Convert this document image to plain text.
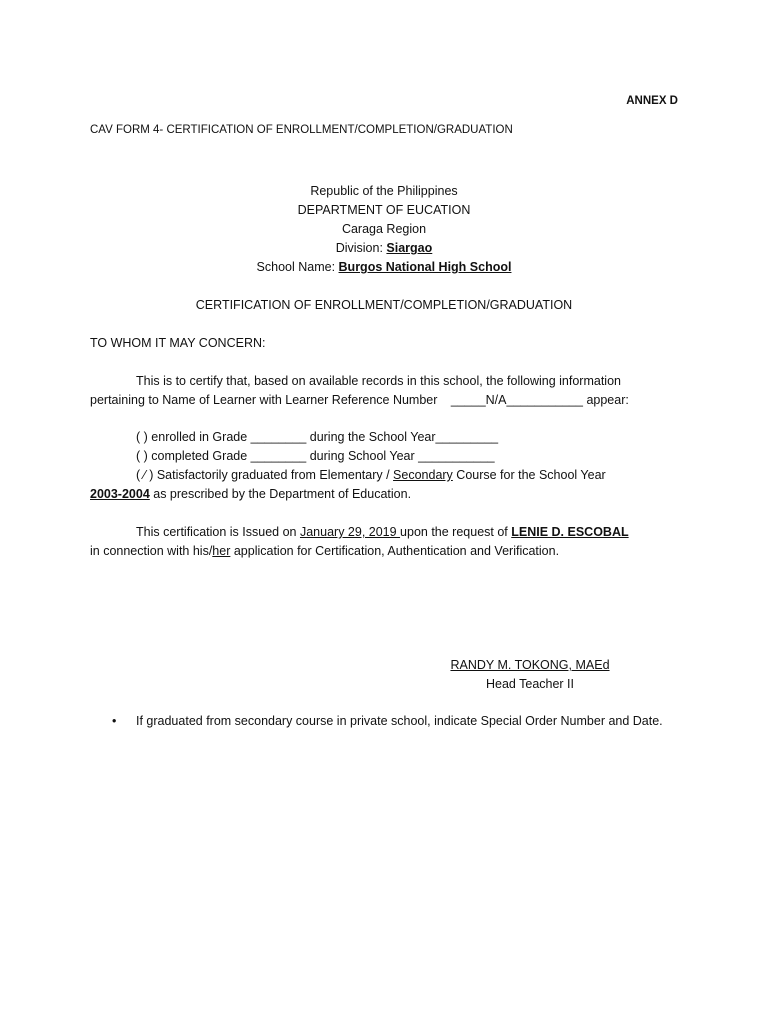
ANNEX D
CAV FORM 4- CERTIFICATION OF ENROLLMENT/COMPLETION/GRADUATION
Republic of the Philippines
DEPARTMENT OF EUCATION
Caraga Region
Division: Siargao
School Name: Burgos National High School
CERTIFICATION OF ENROLLMENT/COMPLETION/GRADUATION
TO WHOM IT MAY CONCERN:
This is to certify that, based on available records in this school, the following information
pertaining to Name of Learner with Learner Reference Number _____N/A___________ appear:
( ) enrolled in Grade ________ during the School Year_________
( ) completed Grade ________ during School Year ___________
( ⁄ ) Satisfactorily graduated from Elementary / Secondary Course for the School Year
2003-2004 as prescribed by the Department of Education.
This certification is Issued on January 29, 2019 upon the request of LENIE D. ESCOBAL
in connection with his/her application for Certification, Authentication and Verification.
RANDY M. TOKONG, MAEd
Head Teacher II
• If graduated from secondary course in private school, indicate Special Order Number and Date.
